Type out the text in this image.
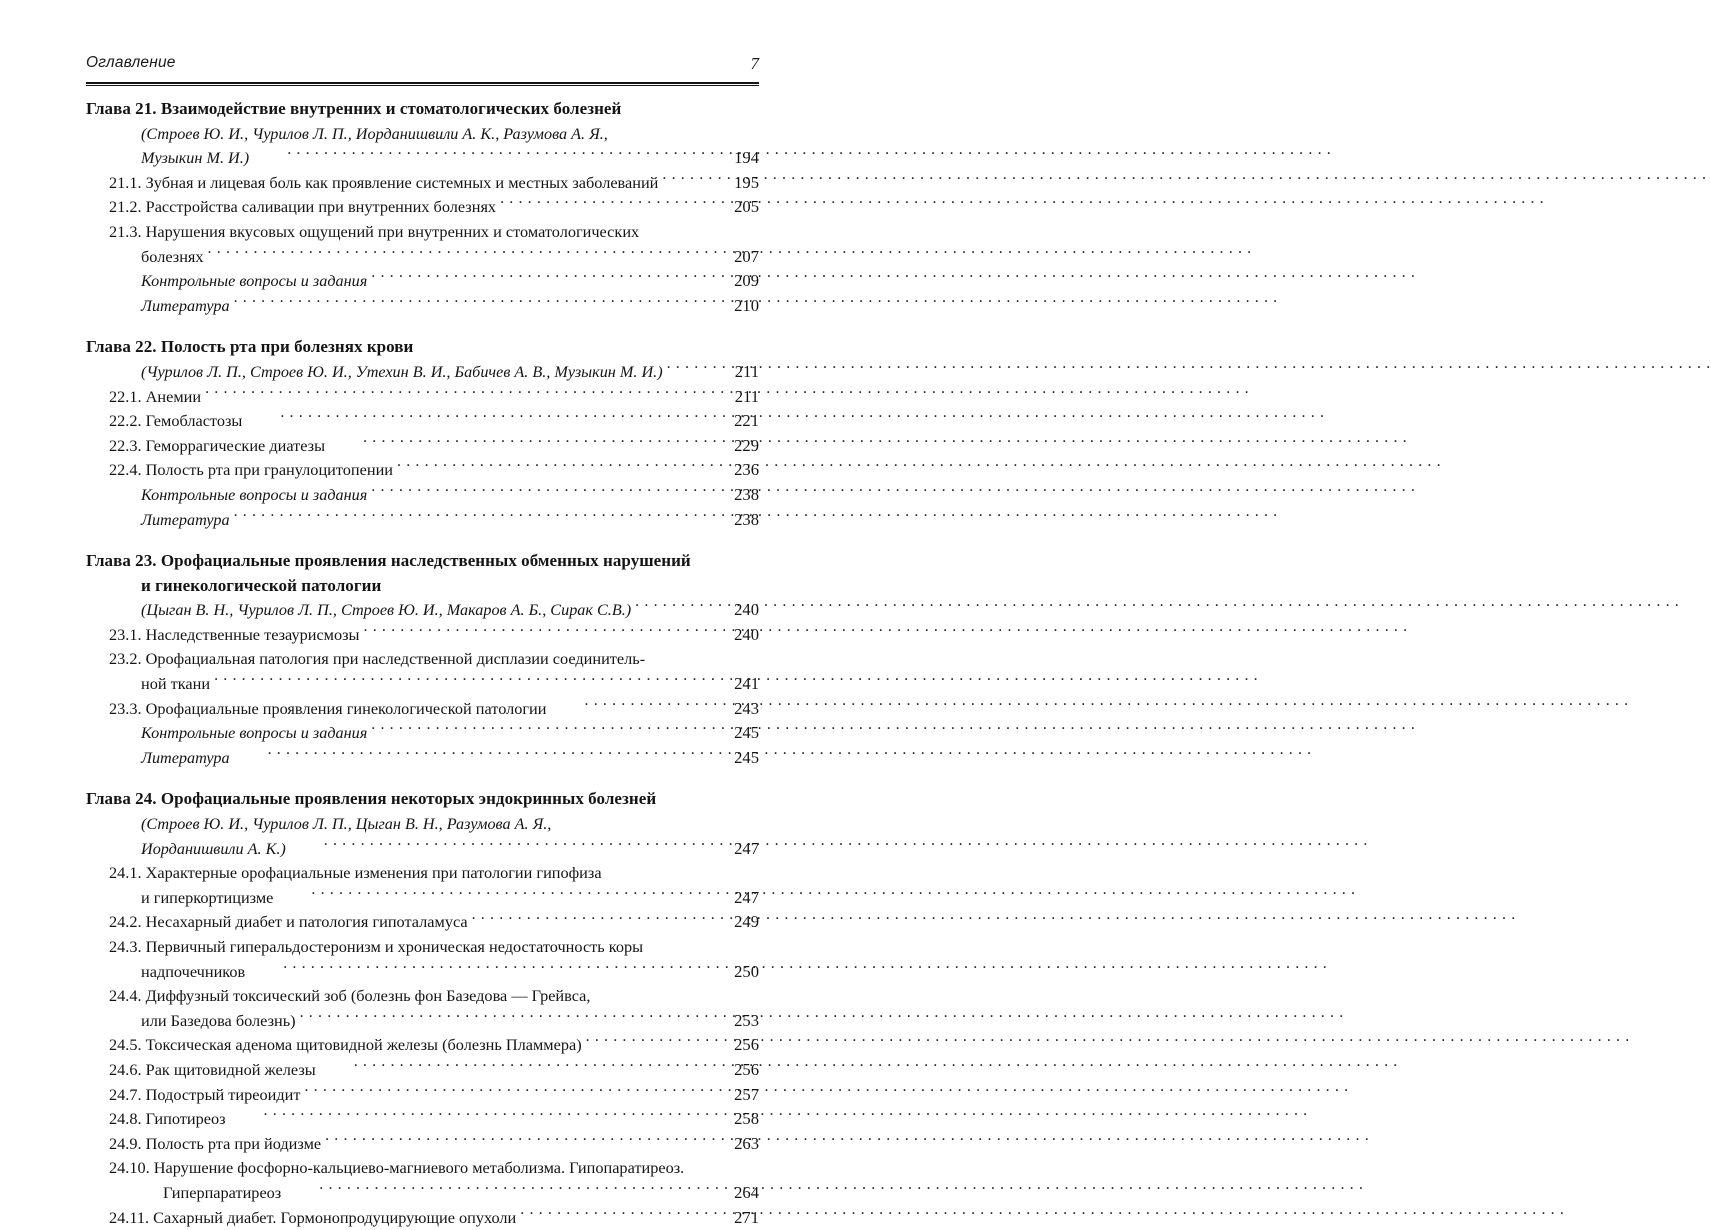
Оглавление	7
Глава 21. Взаимодействие внутренних и стоматологических болезней
(Строев Ю. И., Чурилов Л. П., Иорданишвили А. К., Разумова А. Я.,
Музыкин М. И.) . . .	194
21.1. Зубная и лицевая боль как проявление системных и местных заболеваний . . .	195
21.2. Расстройства саливации при внутренних болезнях . . .	205
21.3. Нарушения вкусовых ощущений при внутренних и стоматологических
болезнях . . .	207
Контрольные вопросы и задания . . .	209
Литература . . .	210
Глава 22. Полость рта при болезнях крови
(Чурилов Л. П., Строев Ю. И., Утехин В. И., Бабичев А. В., Музыкин М. И.) . . .	211
22.1. Анемии . . .	211
22.2. Гемобластозы . . .	221
22.3. Геморрагические диатезы . . .	229
22.4. Полость рта при гранулоцитопении . . .	236
Контрольные вопросы и задания . . .	238
Литература . . .	238
Глава 23. Орофациальные проявления наследственных обменных нарушений
и гинекологической патологии
(Цыган В. Н., Чурилов Л. П., Строев Ю. И., Макаров А. Б., Сирак С.В.) . . .	240
23.1. Наследственные тезаурисмозы . . .	240
23.2. Орофациальная патология при наследственной дисплазии соединитель-
ной ткани . . .	241
23.3. Орофациальные проявления гинекологической патологии . . .	243
Контрольные вопросы и задания . . .	245
Литература . . .	245
Глава 24. Орофациальные проявления некоторых эндокринных болезней
(Строев Ю. И., Чурилов Л. П., Цыган В. Н., Разумова А. Я.,
Иорданишвили А. К.) . . .	247
24.1. Характерные орофациальные изменения при патологии гипофиза
и гиперкортицизме . . .	247
24.2. Несахарный диабет и патология гипоталамуса . . .	249
24.3. Первичный гиперальдостеронизм и хроническая недостаточность коры
надпочечников . . .	250
24.4. Диффузный токсический зоб (болезнь фон Базедова — Грейвса,
или Базедова болезнь) . . .	253
24.5. Токсическая аденома щитовидной железы (болезнь Пламмера) . . .	256
24.6. Рак щитовидной железы . . .	256
24.7. Подострый тиреоидит . . .	257
24.8. Гипотиреоз . . .	258
24.9. Полость рта при йодизме . . .	263
24.10. Нарушение фосфорно-кальциево-магниевого метаболизма. Гипопаратиреоз.
Гиперпаратиреоз . . .	264
24.11. Сахарный диабет. Гормонопродуцирующие опухоли . . .	271
